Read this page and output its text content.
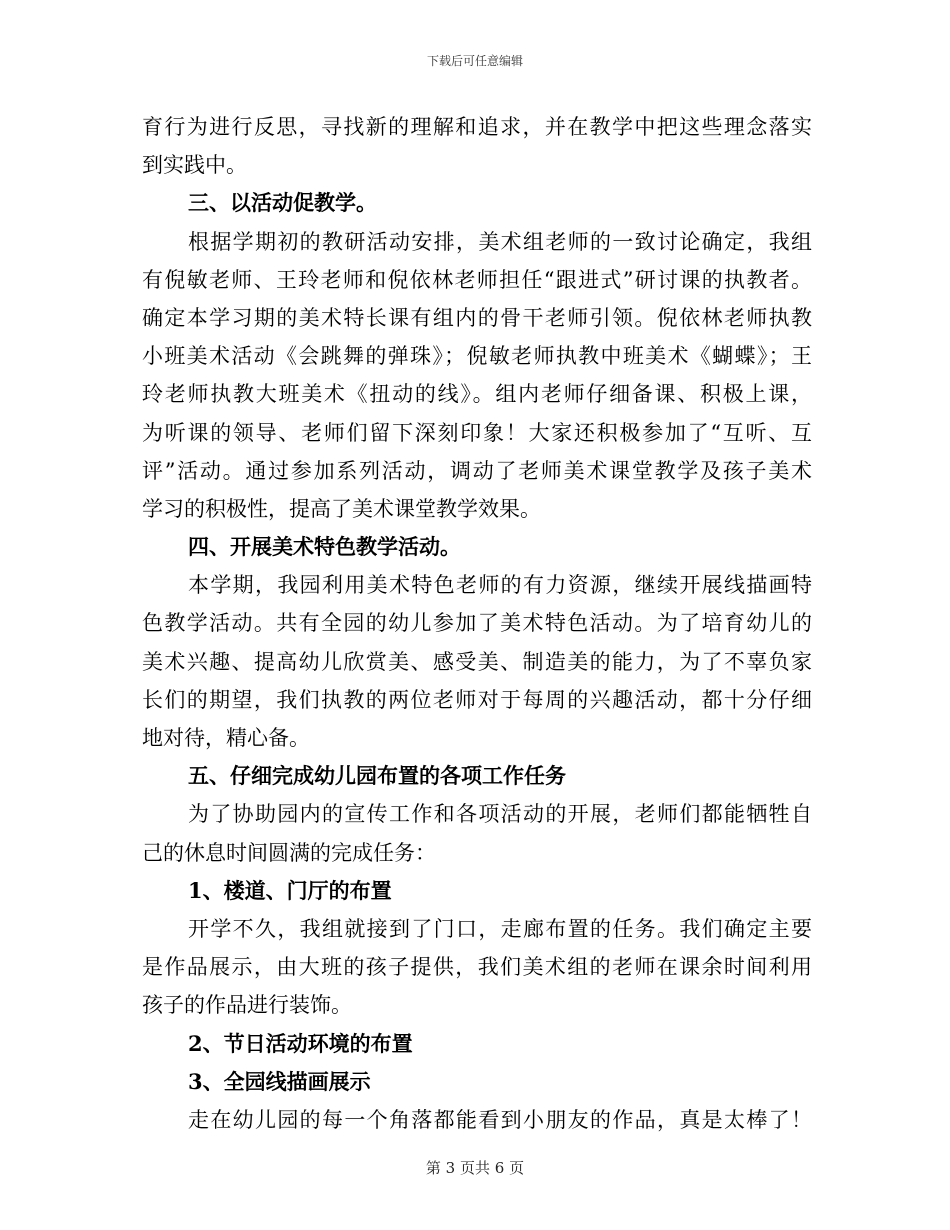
下载后可任意编辑
育行为进行反思，寻找新的理解和追求，并在教学中把这些理念落实
到实践中。
三、以活动促教学。
根据学期初的教研活动安排，美术组老师的一致讨论确定，我组
有倪敏老师、王玲老师和倪依林老师担任“跟进式”研讨课的执教者。
确定本学习期的美术特长课有组内的骨干老师引领。倪依林老师执教
小班美术活动《会跳舞的弹珠》；倪敏老师执教中班美术《蝴蝶》；王
玲老师执教大班美术《扭动的线》。组内老师仔细备课、积极上课，
为听课的领导、老师们留下深刻印象！大家还积极参加了“互听、互
评”活动。通过参加系列活动，调动了老师美术课堂教学及孩子美术
学习的积极性，提高了美术课堂教学效果。
四、开展美术特色教学活动。
本学期，我园利用美术特色老师的有力资源，继续开展线描画特
色教学活动。共有全园的幼儿参加了美术特色活动。为了培育幼儿的
美术兴趣、提高幼儿欣赏美、感受美、制造美的能力，为了不辜负家
长们的期望，我们执教的两位老师对于每周的兴趣活动，都十分仔细
地对待，精心备。
五、仔细完成幼儿园布置的各项工作任务
为了协助园内的宣传工作和各项活动的开展，老师们都能牺牲自
己的休息时间圆满的完成任务：
1、楼道、门厅的布置
开学不久，我组就接到了门口，走廊布置的任务。我们确定主要
是作品展示，由大班的孩子提供，我们美术组的老师在课余时间利用
孩子的作品进行装饰。
2、节日活动环境的布置
3、全园线描画展示
走在幼儿园的每一个角落都能看到小朋友的作品，真是太棒了！
第 3 页共 6 页
